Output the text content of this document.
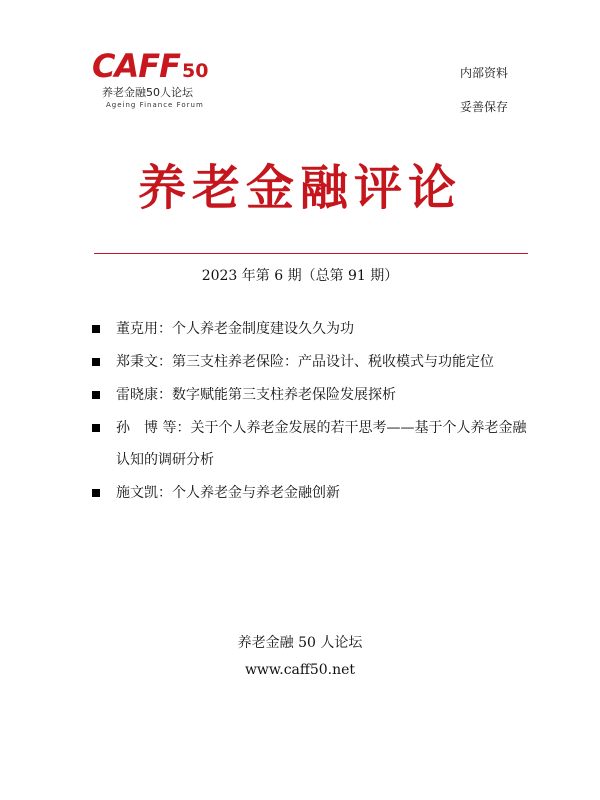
CAFF 50
养老金融50人论坛
Ageing Finance Forum
内部资料
妥善保存
养老金融评论
2023 年第 6 期（总第 91 期）
董克用：个人养老金制度建设久久为功
郑秉文：第三支柱养老保险：产品设计、税收模式与功能定位
雷晓康：数字赋能第三支柱养老保险发展探析
孙　博 等：关于个人养老金发展的若干思考——基于个人养老金融认知的调研分析
施文凯：个人养老金与养老金融创新
养老金融 50 人论坛
www.caff50.net
